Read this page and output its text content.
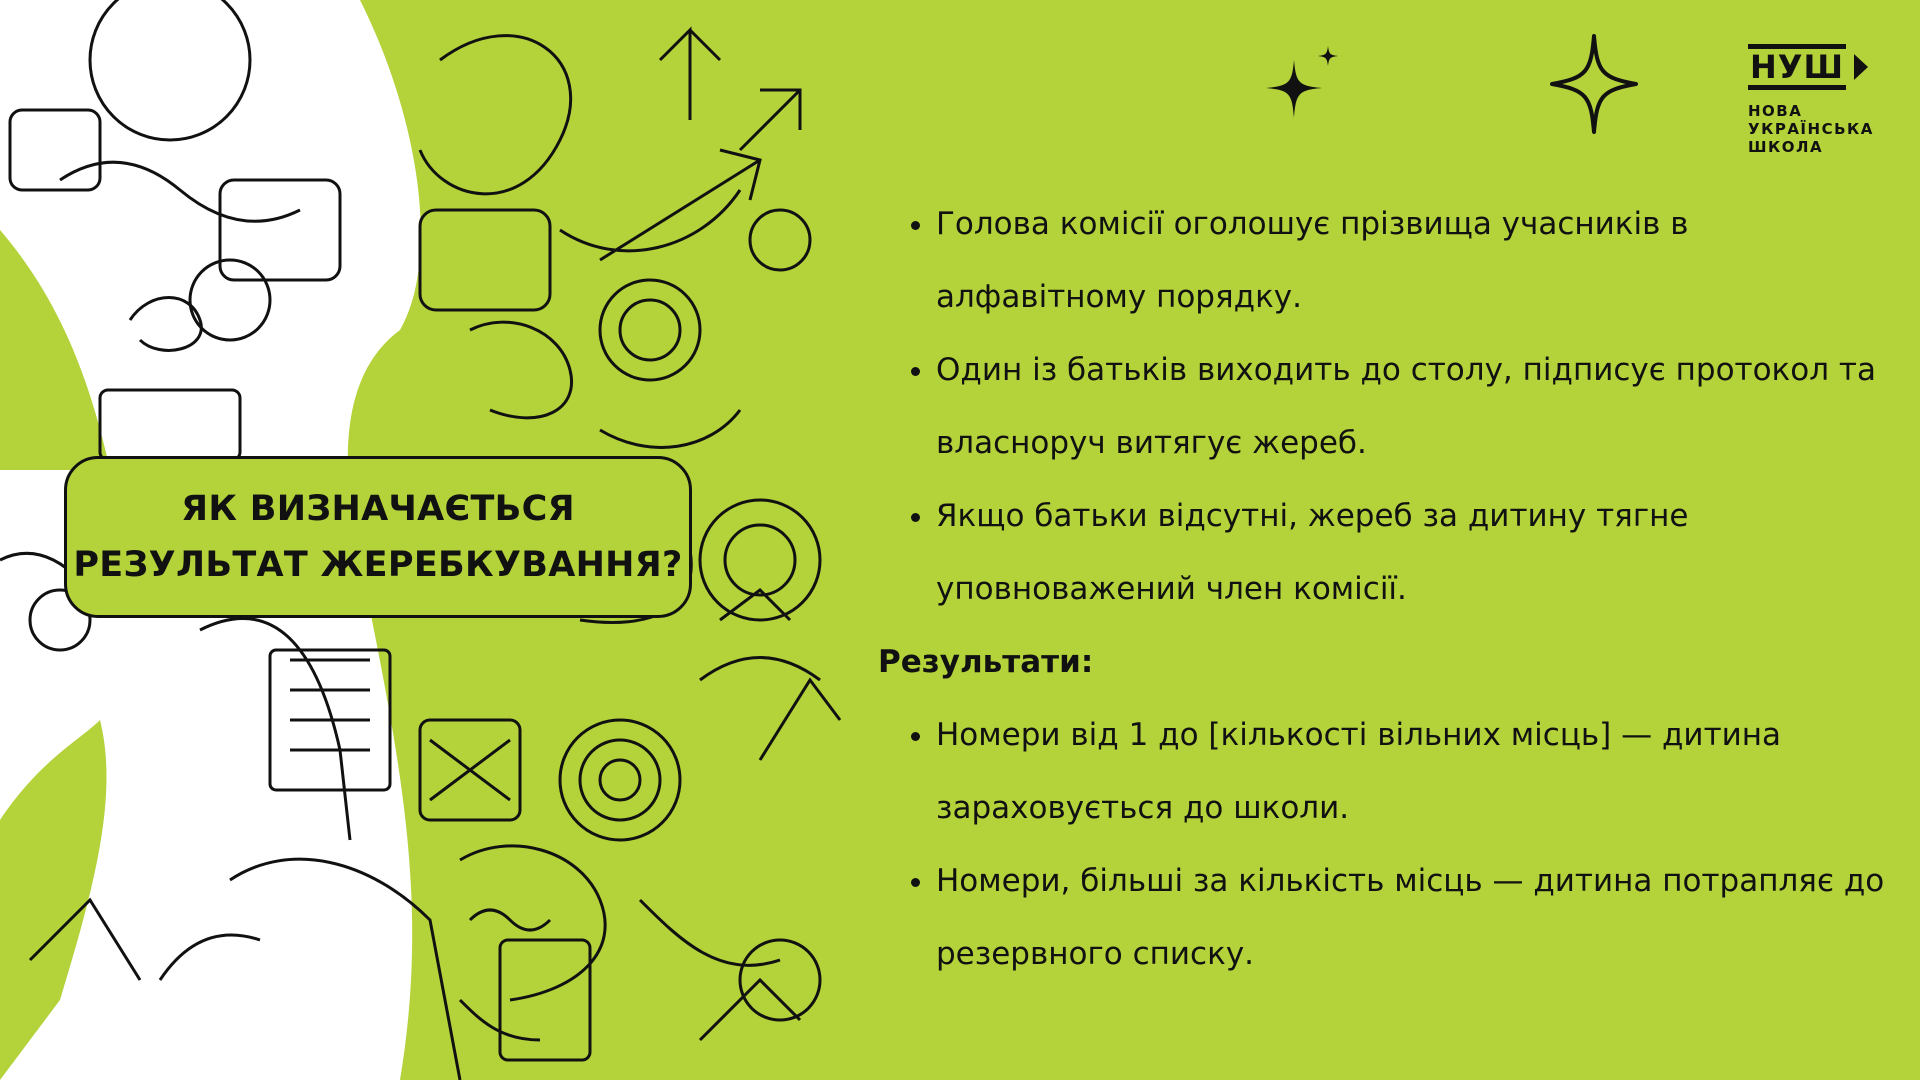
ЯК ВИЗНАЧАЄТЬСЯ
РЕЗУЛЬТАТ ЖЕРЕБКУВАННЯ?
НУШ
НОВА
УКРАЇНСЬКА
ШКОЛА
• Голова комісії оголошує прізвища учасників в алфавітному порядку.
• Один із батьків виходить до столу, підписує протокол та власноруч витягує жереб.
• Якщо батьки відсутні, жереб за дитину тягне уповноважений член комісії.
Результати:
• Номери від 1 до [кількості вільних місць] — дитина зараховується до школи.
• Номери, більші за кількість місць — дитина потрапляє до резервного списку.
